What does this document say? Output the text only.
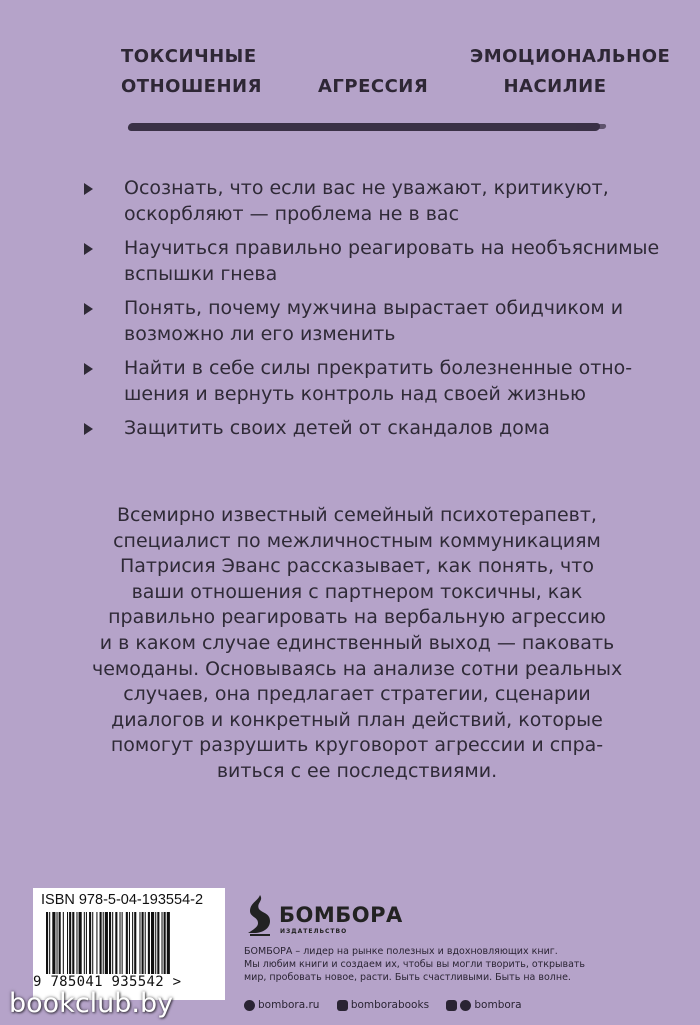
ТОКСИЧНЫЕ
ОТНОШЕНИЯ	АГРЕССИЯ
ЭМОЦИОНАЛЬНОЕ
НАСИЛИЕ
Осознать, что если вас не уважают, критикуют,
оскорбляют — проблема не в вас
Научиться правильно реагировать на необъяснимые
вспышки гнева
Понять, почему мужчина вырастает обидчиком и
возможно ли его изменить
Найти в себе силы прекратить болезненные отно-
шения и вернуть контроль над своей жизнью
Защитить своих детей от скандалов дома
Всемирно известный семейный психотерапевт,
специалист по межличностным коммуникациям
Патрисия Эванс рассказывает, как понять, что
ваши отношения с партнером токсичны, как
правильно реагировать на вербальную агрессию
и в каком случае единственный выход — паковать
чемоданы. Основываясь на анализе сотни реальных
случаев, она предлагает стратегии, сценарии
диалогов и конкретный план действий, которые
помогут разрушить круговорот агрессии и спра-
виться с ее последствиями.
ISBN 978-5-04-193554-2
9 785041 935542 >
БОМБОРА
ИЗДАТЕЛЬСТВО
БОМБОРА – лидер на рынке полезных и вдохновляющих книг.
Мы любим книги и создаем их, чтобы вы могли творить, открывать
мир, пробовать новое, расти. Быть счастливыми. Быть на волне.
bombora.ru
	bomborabooks
	bombora
bookclub.by
